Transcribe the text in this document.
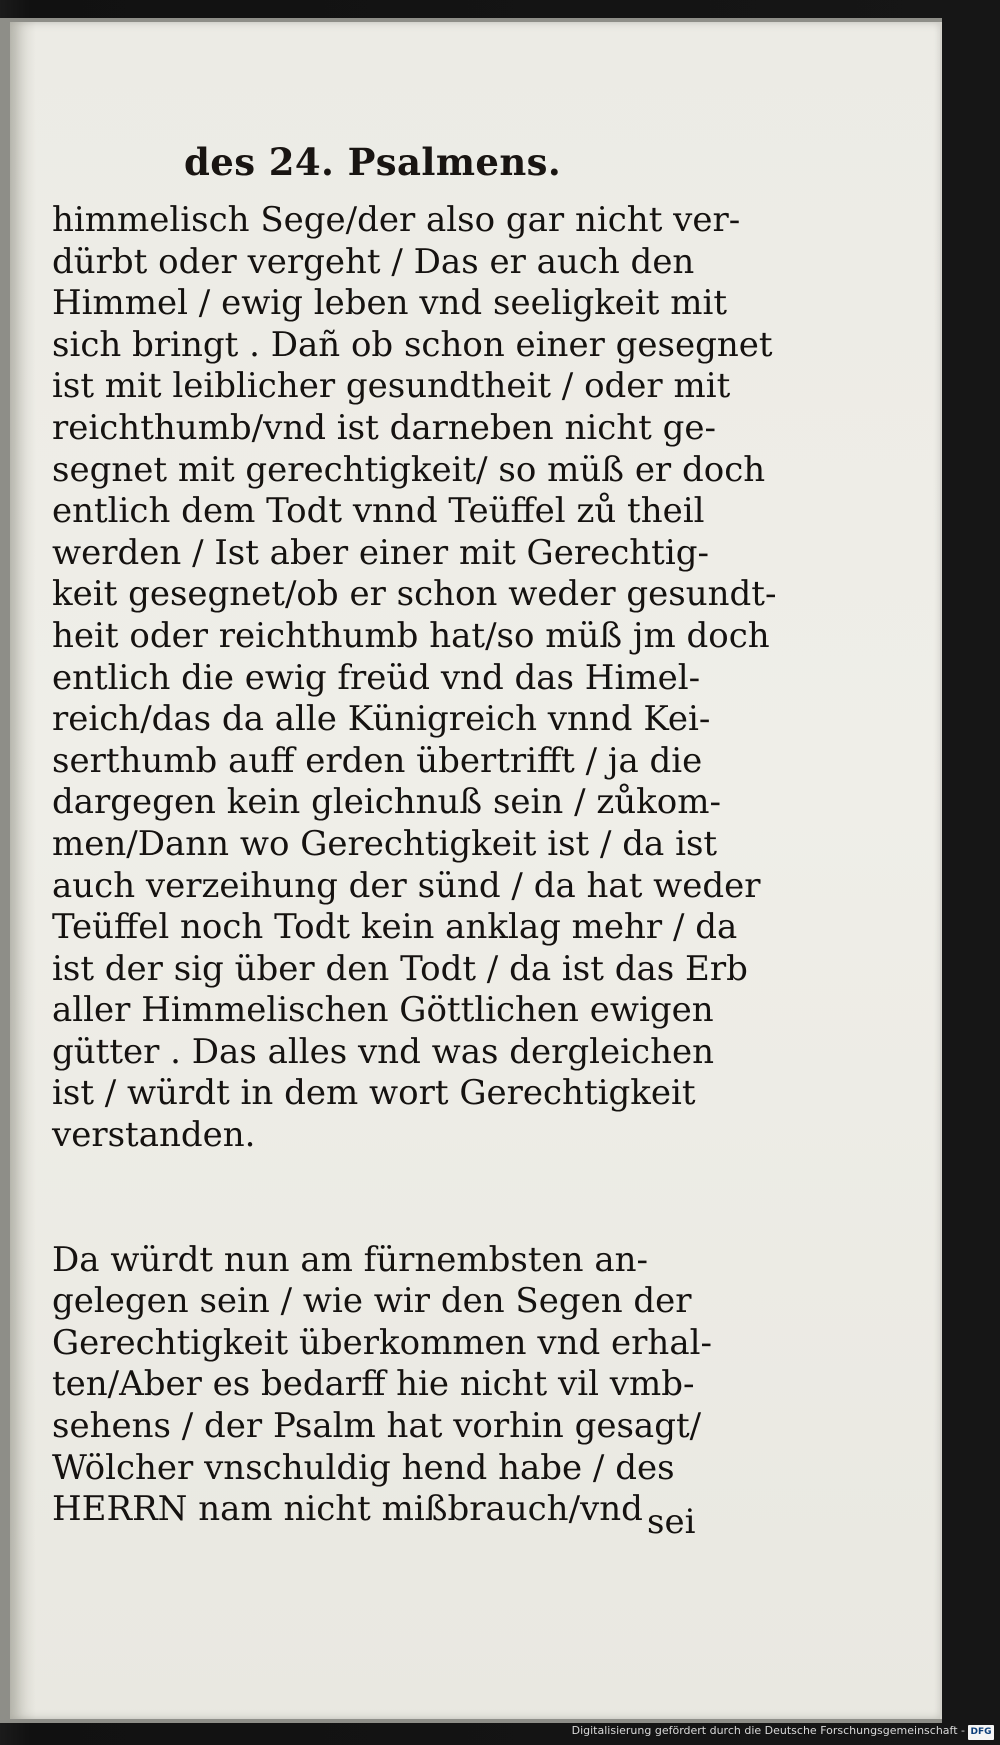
des 24. Psalmens.
himmelisch Sege/der also gar nicht ver-
dürbt oder vergeht / Das er auch den
Himmel / ewig leben vnd seeligkeit mit
sich bringt . Dañ ob schon einer gesegnet
ist mit leiblicher gesundtheit / oder mit
reichthumb/vnd ist darneben nicht ge-
segnet mit gerechtigkeit/ so müß er doch
entlich dem Todt vnnd Teüffel zů theil
werden / Ist aber einer mit Gerechtig-
keit gesegnet/ob er schon weder gesundt-
heit oder reichthumb hat/so müß jm doch
entlich die ewig freüd vnd das Himel-
reich/das da alle Künigreich vnnd Kei-
serthumb auff erden übertrifft / ja die
dargegen kein gleichnuß sein / zůkom-
men/Dann wo Gerechtigkeit ist / da ist
auch verzeihung der sünd / da hat weder
Teüffel noch Todt kein anklag mehr / da
ist der sig über den Todt / da ist das Erb
aller Himmelischen Göttlichen ewigen
gütter . Das alles vnd was dergleichen
ist / würdt in dem wort Gerechtigkeit
verstanden.
Da würdt nun am fürnembsten an-
gelegen sein / wie wir den Segen der
Gerechtigkeit überkommen vnd erhal-
ten/Aber es bedarff hie nicht vil vmb-
sehens / der Psalm hat vorhin gesagt/
Wölcher vnschuldig hend habe / des
HERRN nam nicht mißbrauch/vnd sei
Digitalisierung gefördert durch die Deutsche Forschungsgemeinschaft - DFG
